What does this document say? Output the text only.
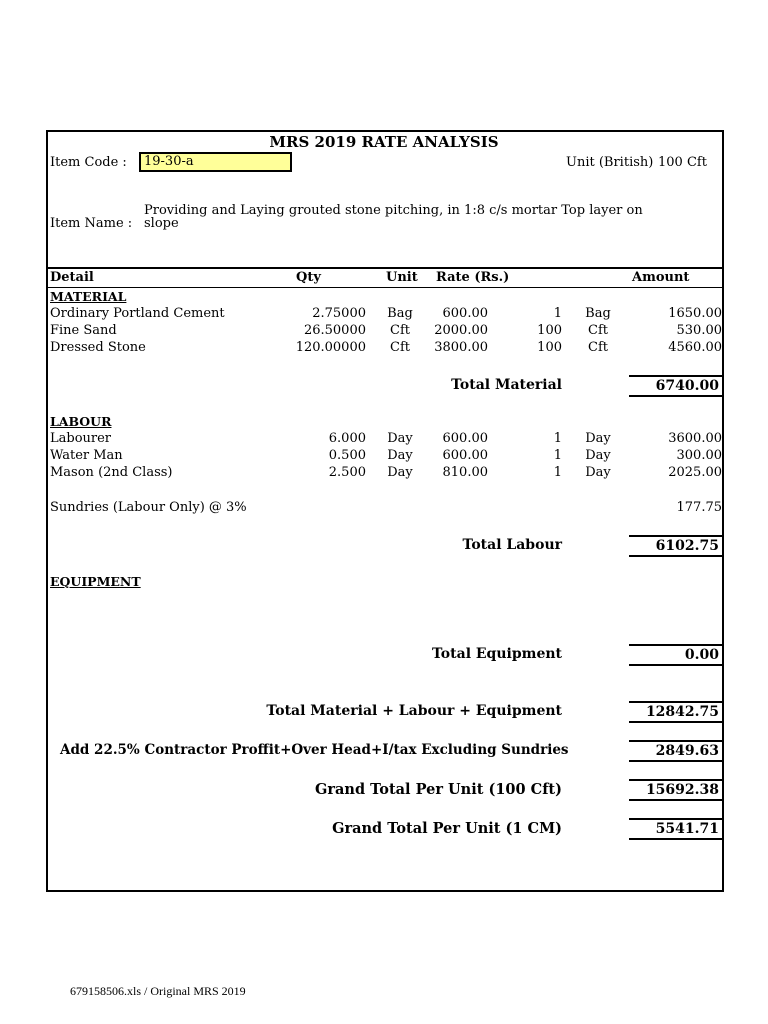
MRS 2019 RATE ANALYSIS
Item Code : 19-30-a	Unit (British) 100 Cft
Providing and Laying grouted stone pitching, in 1:8 c/s mortar Top layer on
slope
Item Name :
Detail	Qty	Unit Rate (Rs.)	Amount
MATERIAL
Ordinary Portland Cement	2.75000	Bag	600.00	1	Bag	1650.00
Fine Sand	26.50000	Cft	2000.00	100	Cft	530.00
Dressed Stone	120.00000	Cft	3800.00	100	Cft	4560.00
Total Material	6740.00
LABOUR
Labourer	6.000	Day	600.00	1	Day	3600.00
Water Man	0.500	Day	600.00	1	Day	300.00
Mason (2nd Class)	2.500	Day	810.00	1	Day	2025.00
Sundries (Labour Only) @ 3%	177.75
Total Labour	6102.75
EQUIPMENT
Total Equipment	0.00
Total Material + Labour + Equipment	12842.75
Add 22.5% Contractor Proffit+Over Head+I/tax Excluding Sundries	2849.63
Grand Total Per Unit (100 Cft)	15692.38
Grand Total Per Unit (1 CM)	5541.71
679158506.xls / Original MRS 2019
